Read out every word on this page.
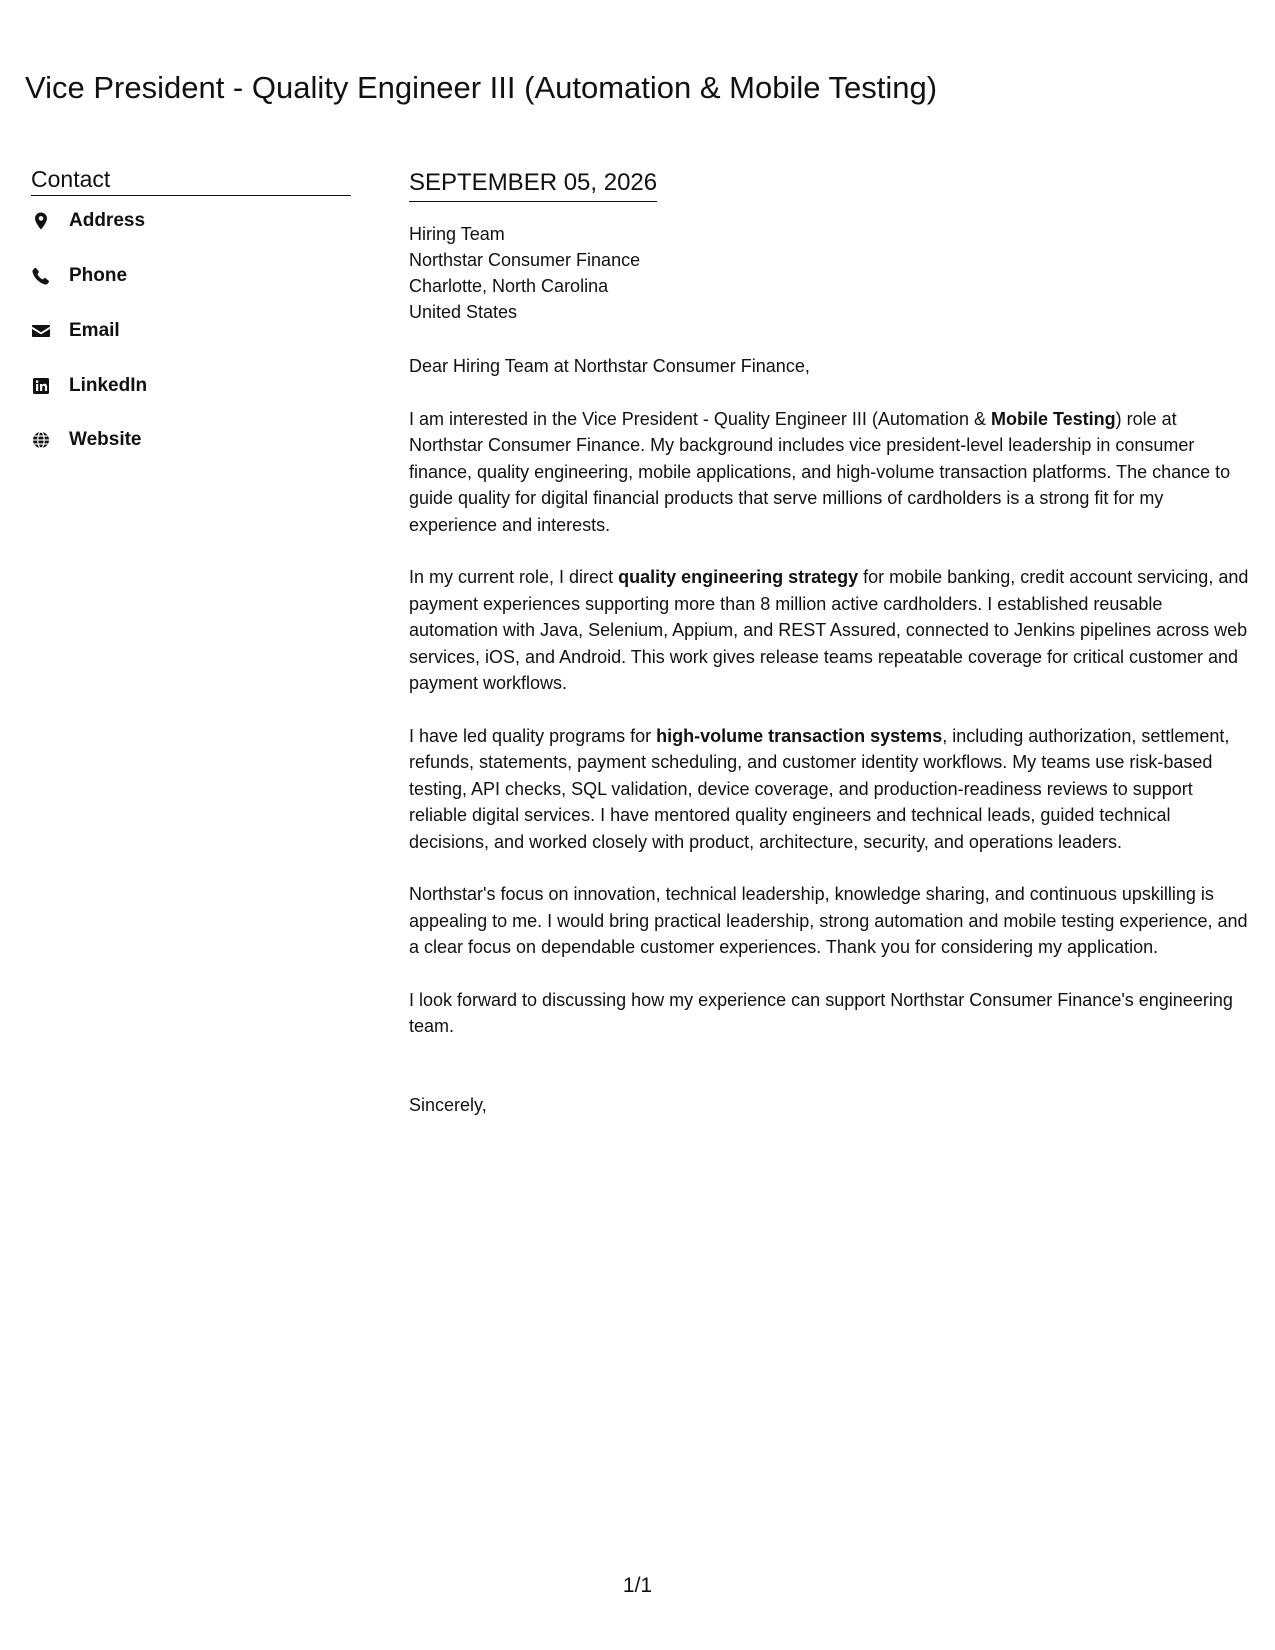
Vice President - Quality Engineer III (Automation & Mobile Testing)
Contact
Address
Phone
Email
LinkedIn
Website
SEPTEMBER 05, 2026
Hiring Team
Northstar Consumer Finance
Charlotte, North Carolina
United States

Dear Hiring Team at Northstar Consumer Finance,

I am interested in the Vice President - Quality Engineer III (Automation & Mobile Testing) role at Northstar Consumer Finance. My background includes vice president-level leadership in consumer finance, quality engineering, mobile applications, and high-volume transaction platforms. The chance to guide quality for digital financial products that serve millions of cardholders is a strong fit for my experience and interests.

In my current role, I direct quality engineering strategy for mobile banking, credit account servicing, and payment experiences supporting more than 8 million active cardholders. I established reusable automation with Java, Selenium, Appium, and REST Assured, connected to Jenkins pipelines across web services, iOS, and Android. This work gives release teams repeatable coverage for critical customer and payment workflows.

I have led quality programs for high-volume transaction systems, including authorization, settlement, refunds, statements, payment scheduling, and customer identity workflows. My teams use risk-based testing, API checks, SQL validation, device coverage, and production-readiness reviews to support reliable digital services. I have mentored quality engineers and technical leads, guided technical decisions, and worked closely with product, architecture, security, and operations leaders.

Northstar's focus on innovation, technical leadership, knowledge sharing, and continuous upskilling is appealing to me. I would bring practical leadership, strong automation and mobile testing experience, and a clear focus on dependable customer experiences. Thank you for considering my application.

I look forward to discussing how my experience can support Northstar Consumer Finance's engineering team.

Sincerely,

1/1
